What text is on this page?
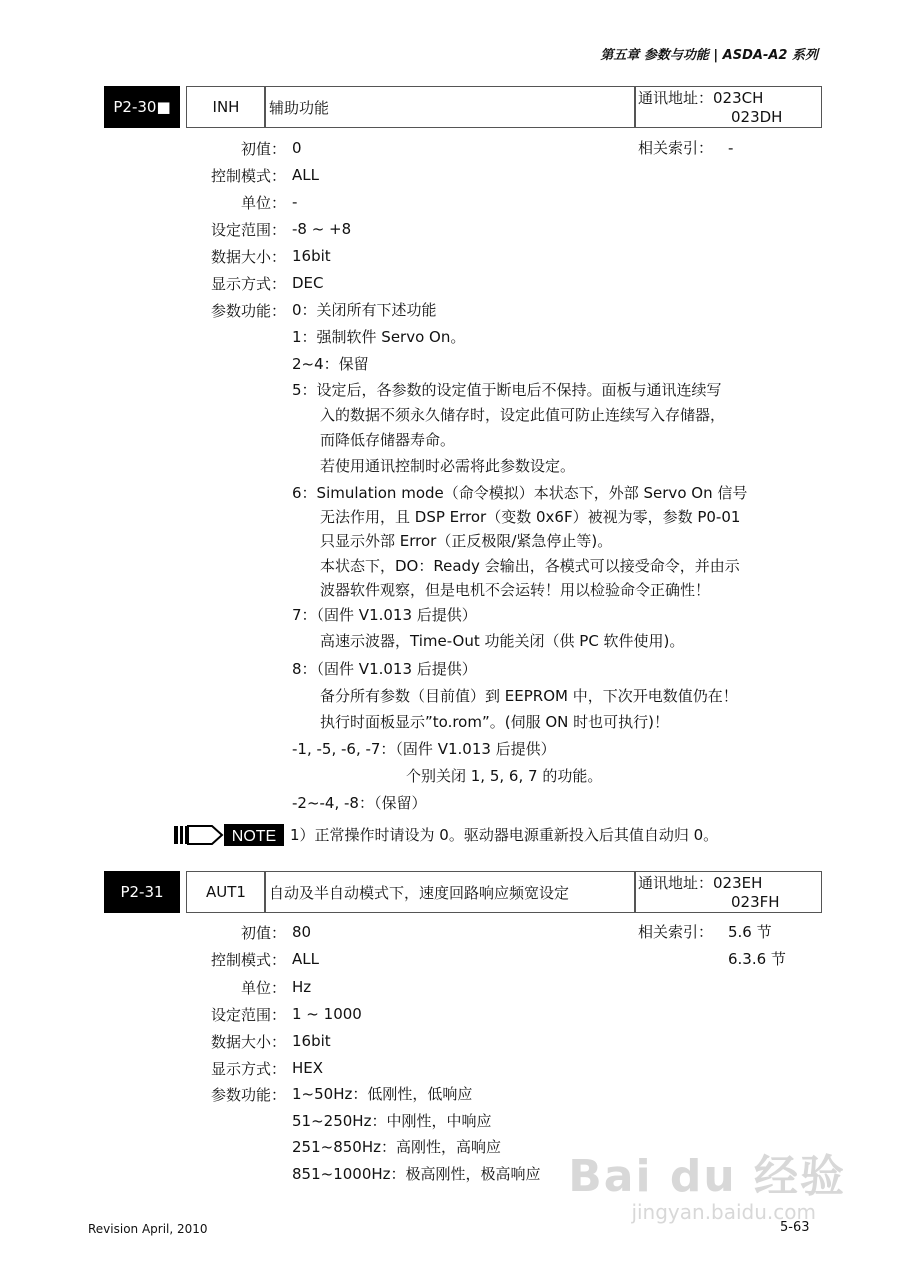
第五章 参数与功能 | ASDA-A2 系列
P2-30■	INH	辅助功能
通讯地址：023CH
023DH
初值： 0	相关索引： -
控制模式： ALL
单位： -
设定范围： -8 ~ +8
数据大小： 16bit
显示方式： DEC
参数功能： 0：关闭所有下述功能
1：强制软件 Servo On。
2~4：保留
5：设定后，各参数的设定值于断电后不保持。面板与通讯连续写
入的数据不须永久储存时，设定此值可防止连续写入存储器，
而降低存储器寿命。
若使用通讯控制时必需将此参数设定。
6：Simulation mode（命令模拟）本状态下，外部 Servo On 信号
无法作用，且 DSP Error（变数 0x6F）被视为零，参数 P0-01
只显示外部 Error（正反极限/紧急停止等)。
本状态下，DO：Ready 会输出，各模式可以接受命令，并由示
波器软件观察，但是电机不会运转！用以检验命令正确性！
7：（固件 V1.013 后提供）
高速示波器，Time-Out 功能关闭（供 PC 软件使用)。
8：（固件 V1.013 后提供）
备分所有参数（目前值）到 EEPROM 中，下次开电数值仍在！
执行时面板显示”to.rom”。(伺服 ON 时也可执行)！
-1, -5, -6, -7：（固件 V1.013 后提供）
个别关闭 1, 5, 6, 7 的功能。
-2~-4, -8：（保留）
NOTE 1）正常操作时请设为 0。驱动器电源重新投入后其值自动归 0。
P2-31	AUT1	自动及半自动模式下，速度回路响应频宽设定
通讯地址：023EH
023FH
初值： 80	相关索引： 5.6 节
6.3.6 节
控制模式： ALL
单位： Hz
设定范围： 1 ~ 1000
数据大小： 16bit
显示方式： HEX
参数功能： 1~50Hz：低刚性，低响应
51~250Hz：中刚性，中响应
251~850Hz：高刚性，高响应
851~1000Hz：极高刚性，极高响应 Bai du 经验
jingyan.baidu.com
Revision April, 2010	5-63
